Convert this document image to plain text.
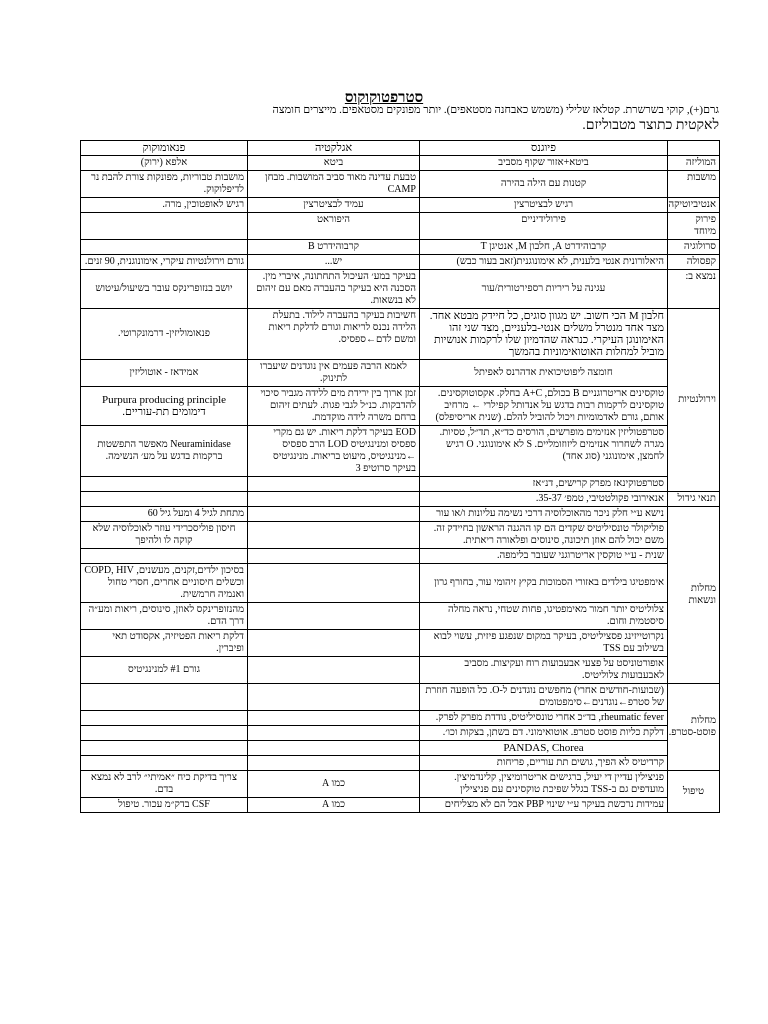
סטרפטוקוקוס
גרם(+), קוקי בשרשרת. קטלאז שלילי (משמש כאבחנה מסטאפים). יותר מפונקים מסטאפים. מייצרים חומצה
לאקטית כתוצר מטבוליזם.
	פיוגנס	אגלקטיה	פנאומוקוק
המוליזה	ביטא+אזור שקוף מסביב	ביטא	אלפא (ירוק)
מושבות	קטנות עם הילה בהירה	טבעת עדינה מאוד סביב המושבות. מבחן CAMP	מושבות טבוריות, מפונקות צורת להבת נר לדיפלוקוק.
אנטיביוטיקה	רגיש לבציטרצין	עמיד לבציטרצין	רגיש לאופטוכין, מרה.
פירוק מיוחד	פירולידיניים	היפוראט	
סרולוגיה	קרבוהידרט A, חלבון M, אנטיגן T	קרבוהידרט B	
קפסולה	היאלורונית אנטי בלענית, לא אימונוגנית(זאב בעור כבש)	יש...	גורם וירולנטיות עיקרי, אימונוגנית, 90 זנים.
נמצא ב:	עגינה על ריריות רספירטורית/עור	בעיקר במע׳ העיכול התחתונה, איברי מין. הסכנה היא בעיקר בהעברה מאם עם זיהום לא בנשאות.	יושב בנזופרינקס עובר בשיעול/עיטוש
וירולנטיות	חלבון M הכי חשוב. יש מגוון סוגים, כל חיידק מבטא אחד. מצד אחד מנטרל משלים אנטי-בלעניים, מצד שני זהו האימונוגן העיקרי. כנראה שהדמיון שלו לרקמות אנושיות מוביל למחלות האוטואימוניות בהמשך	חשיבות בעיקר בהעברה לילוד. בתעלת הלידה נכנס לריאות וגורם לדלקת ריאות ומשם לדם←ספסיס.	פנאומוליזין- דרמונקרוטי.
	חומצה ליפוטיכואית אדהרנס לאפיתל	לאמא הרבה פעמים אין נוגדנים שיעברו לתינוק.	אמידאז - אוטוליזין
	טוקסינים אריטרוגניים B בכולם, A+C בחלק. אקסוטוקסינים. טוקסינים לרקמות רבות בדגש על אנדותל קפילרי ← מרחיב אותם, גורם לאדמומיות ויכול להוביל להלם. (שנית אריסיפלס)	זמן ארוך בין ירידת מים ללידה מגביר סיכוי להדבקות. כנ״ל לגבי פגות. לעתים זיהום ברחם משרה לידה מוקדמת.	Purpura producing principle דימומים תת-עוריים.
	סטרפטוליזין אנזימים מופרשים, הורסים כד״א, תד״ל, טסיות. מגרה לשחרור אנזימים ליזוזומליים. S לא אימונוגני. O רגיש לחמצן, אימונוגני (סוג אחד)	EOD בעיקר דלקת ריאות. יש גם מקרי ספסיס ומנינגיטיס LOD הרב ספסיס ←מנינגיטיס, מיעוט בריאות. מנינגיטיס בעיקר סרוטיפ 3	Neuraminidase מאפשר התפשטות ברקמות בדגש על מע׳ הנשימה.
	סטרפטוקינאז מפרק קרישים, דנ״אז		
תנאי גידול	אנאירובי פקולטטיבי, טמפ׳ 35-37.		
מחלות ונשאות	נישא ע״י חלק ניכר מהאוכלוסיה דרכי נשימה עליונות ו/או עור		מתחת לגיל 4 ומעל גיל 60
	פוליקולר טונסיליטיס שקדים הם קו ההגנה הראשון בחיידק זה. משם יכול להם אוזן תיכונה, סינוסים ופלאורה ריאתית.		חיסון פוליסכרידי עוזר לאוכלוסיה שלא קוקה לו ולהיפך
	שנית - ע״י טוקסין אריטרוגני שעובר בלימפה.		
	אימפטיגו בילדים באזורי הסמוכות בקיץ זיהומי עור, בחורף גרון		בסיכון ילדים,זקנים, מעשנים, COPD, HIV וכשלים חיסוניים אחרים, חסרי טחול ואנמיה חרמשית.
	צלוליטיס יותר חמור מאימפטיגו, פחות שטחי, נראה מחלה סיסטמית וחום.		מהנזופרינקס לאוזן, סינוסים, ריאות ומע״ה דרך הדם.
	נקרוטייזינג פסציליטיס, בעיקר במקום שנפגע פיזית, עשוי לבוא בשילוב עם TSS		דלקת ריאות הפטיזיה, אקסודט תאי ופיברין.
	אופורטוניסט על פצעי אבעבועות רוח ועקיצות. מסביב לאבעבועות צלוליטיס.		גורם #1 למנינגיטיס
מחלות פוסט-סטרפ.	(שבועות-חודשים אחרי) מחפשים נוגדנים ל-O. כל הופעה חוזרת של סטרפ←נוגדנים←סימפטומים		
	rheumatic fever, בד״כ אחרי טונסיליטיס, נודדת מפרק לפרק.		
	דלקת כליות פוסט סטרפ. אוטואימוני. דם בשתן, בצקות וכו׳.		
	PANDAS, Chorea		
	קרדיטיס לא הפיך, גושים תת עוריים, פריחות		
טיפול	פניצילין עדיין די יעיל, ברגישים אריטרומיצין, קלינדמיצין. מועדפים גם ב-TSS בגלל שפיכת טוקסינים עם פניצילין	כמו A	צריך בדיקת כיח ״אמיתי״ לרב לא נמצא בדם.
	עמידות נרכשת בעיקר ע״י שינוי PBP אבל הם לא מצליחים	כמו A	CSF בדק״מ עכור. טיפול
